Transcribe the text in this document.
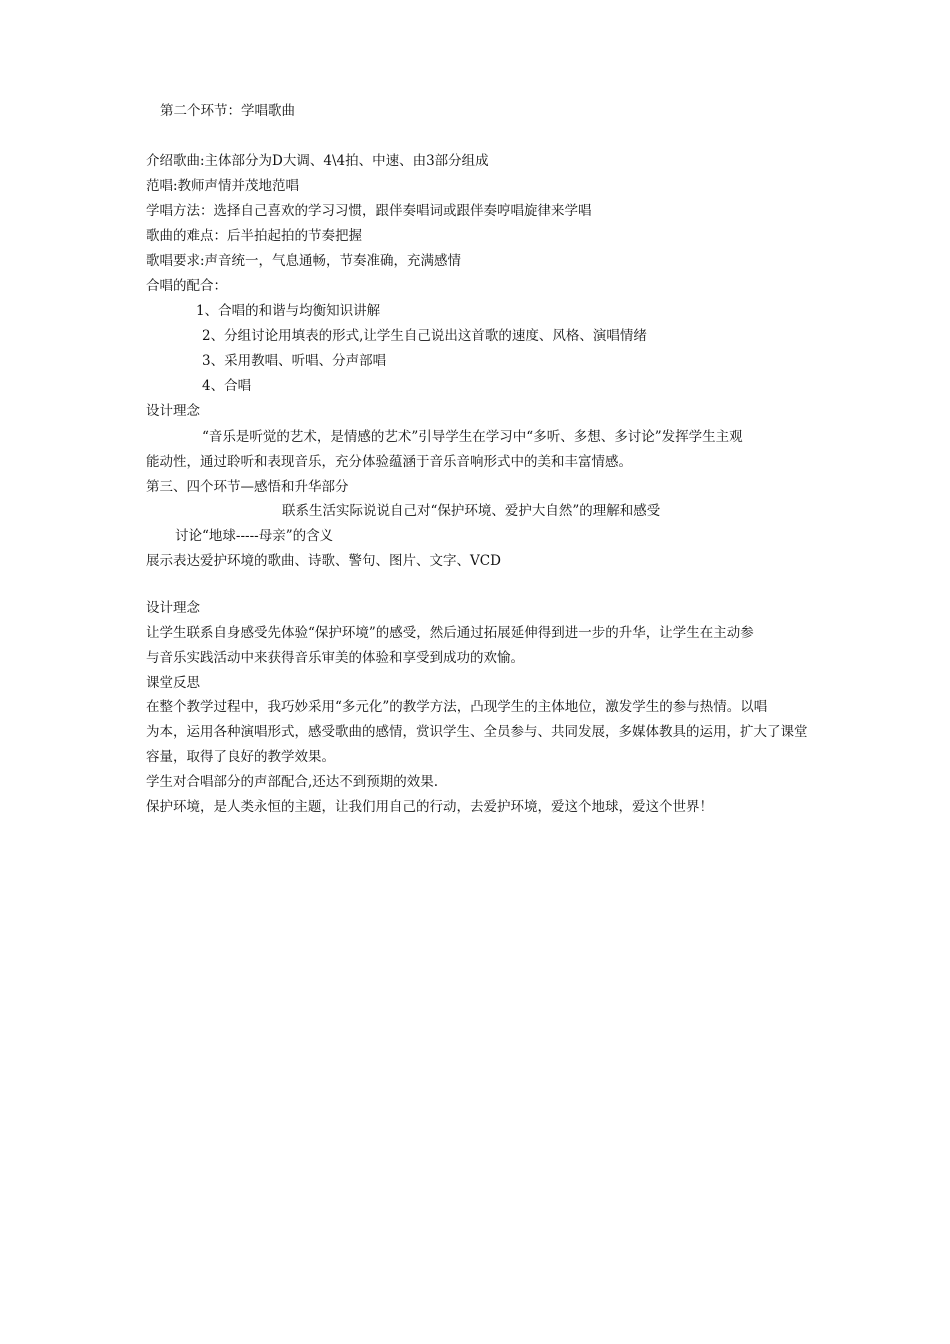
第二个环节：学唱歌曲
介绍歌曲:主体部分为D大调、4\4拍、中速、由3部分组成
范唱:教师声情并茂地范唱
学唱方法：选择自己喜欢的学习习惯，跟伴奏唱词或跟伴奏哼唱旋律来学唱
歌曲的难点：后半拍起拍的节奏把握
歌唱要求:声音统一，气息通畅，节奏准确，充满感情
合唱的配合：
1、合唱的和谐与均衡知识讲解
2、分组讨论用填表的形式,让学生自己说出这首歌的速度、风格、演唱情绪
3、采用教唱、听唱、分声部唱
4、合唱
设计理念
“音乐是听觉的艺术，是情感的艺术”引导学生在学习中“多听、多想、多讨论”发挥学生主观
能动性，通过聆听和表现音乐，充分体验蕴涵于音乐音响形式中的美和丰富情感。
第三、四个环节—感悟和升华部分
联系生活实际说说自己对“保护环境、爱护大自然”的理解和感受
讨论“地球-----母亲”的含义
展示表达爱护环境的歌曲、诗歌、警句、图片、文字、VCD
设计理念
让学生联系自身感受先体验“保护环境”的感受，然后通过拓展延伸得到进一步的升华，让学生在主动参
与音乐实践活动中来获得音乐审美的体验和享受到成功的欢愉。
课堂反思
在整个教学过程中，我巧妙采用“多元化”的教学方法，凸现学生的主体地位，激发学生的参与热情。以唱
为本，运用各种演唱形式，感受歌曲的感情，赏识学生、全员参与、共同发展，多媒体教具的运用，扩大了课堂
容量，取得了良好的教学效果。
学生对合唱部分的声部配合,还达不到预期的效果.
保护环境，是人类永恒的主题，让我们用自己的行动，去爱护环境，爱这个地球，爱这个世界！
